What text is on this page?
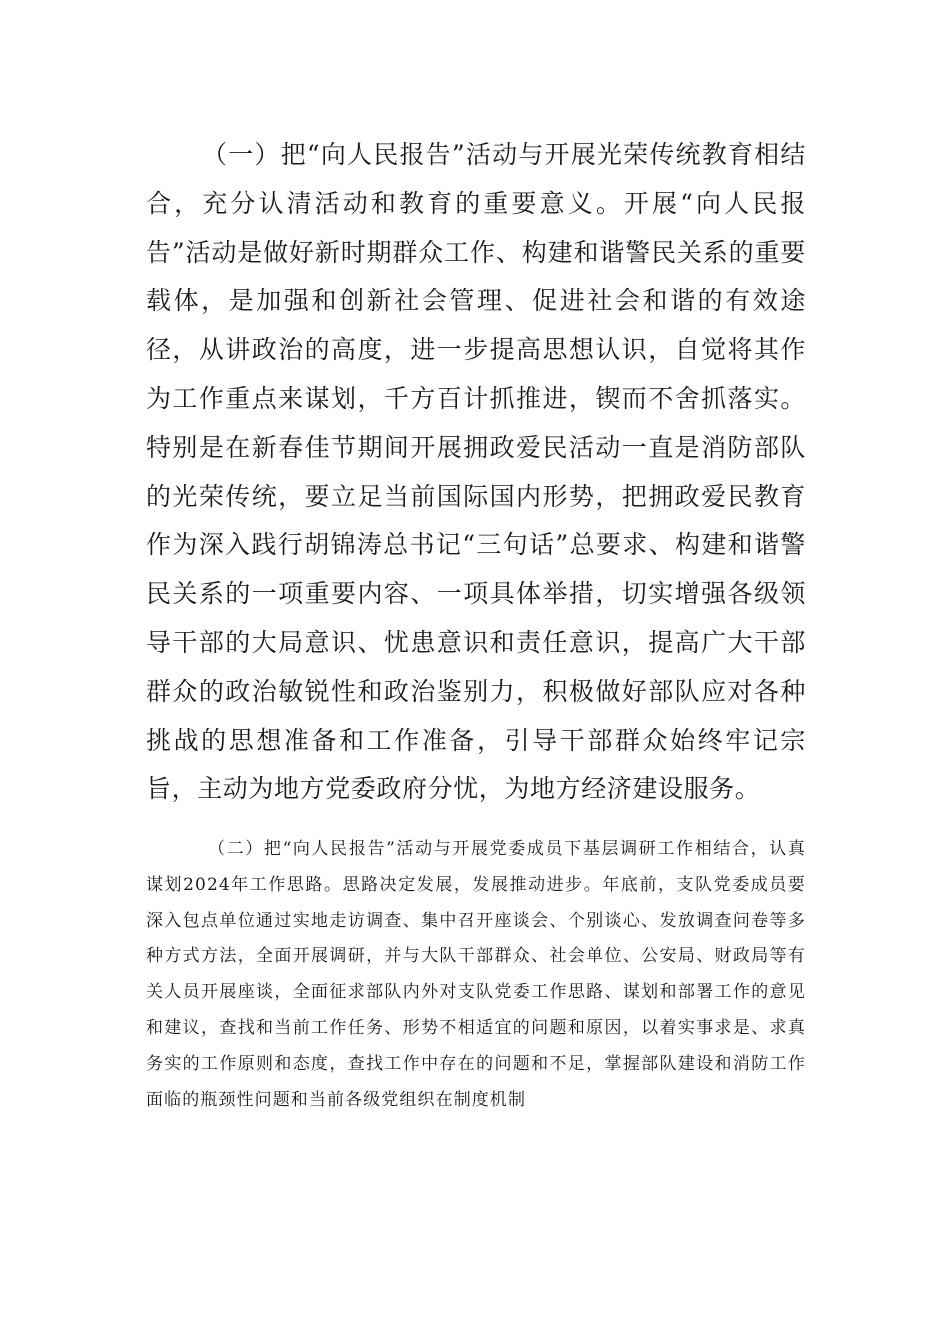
（一）把“向人民报告”活动与开展光荣传统教育相结合，充分认清活动和教育的重要意义。开展“向人民报告”活动是做好新时期群众工作、构建和谐警民关系的重要载体，是加强和创新社会管理、促进社会和谐的有效途径，从讲政治的高度，进一步提高思想认识，自觉将其作为工作重点来谋划，千方百计抓推进，锲而不舍抓落实。特别是在新春佳节期间开展拥政爱民活动一直是消防部队的光荣传统，要立足当前国际国内形势，把拥政爱民教育作为深入践行胡锦涛总书记“三句话”总要求、构建和谐警民关系的一项重要内容、一项具体举措，切实增强各级领导干部的大局意识、忧患意识和责任意识，提高广大干部群众的政治敏锐性和政治鉴别力，积极做好部队应对各种挑战的思想准备和工作准备，引导干部群众始终牢记宗旨，主动为地方党委政府分忧，为地方经济建设服务。

（二）把“向人民报告”活动与开展党委成员下基层调研工作相结合，认真谋划2024年工作思路。思路决定发展，发展推动进步。年底前，支队党委成员要深入包点单位通过实地走访调查、集中召开座谈会、个别谈心、发放调查问卷等多种方式方法，全面开展调研，并与大队干部群众、社会单位、公安局、财政局等有关人员开展座谈，全面征求部队内外对支队党委工作思路、谋划和部署工作的意见和建议，查找和当前工作任务、形势不相适宜的问题和原因，以着实事求是、求真务实的工作原则和态度，查找工作中存在的问题和不足，掌握部队建设和消防工作面临的瓶颈性问题和当前各级党组织在制度机制
